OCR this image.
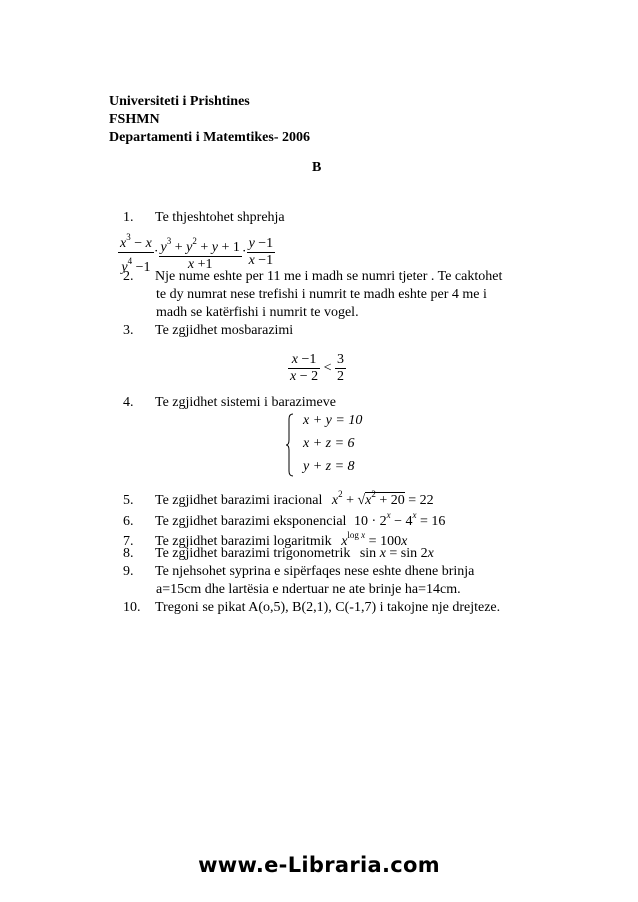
Universiteti i Prishtines
FSHMN
Departamenti i Matemtikes- 2006
B
1. Te thjeshtohet shprehja
$\frac{x^3 - x}{y^4 -1} \cdot \frac{y^3 + y^2 + y + 1}{x +1} \cdot \frac{y -1}{x -1}$
2. Nje nume eshte per 11 me i madh se numri tjeter . Te caktohet
te dy numrat nese trefishi i numrit te madh eshte per 4 me i
madh se katërfishi i numrit te vogel.
3. Te zgjidhet mosbarazimi
$\frac{x -1}{x - 2} < \frac{3}{2}$
4. Te zgjidhet sistemi i barazimeve
x + y = 10
x + z = 6
y + z = 8
5. Te zgjidhet barazimi iracional $x^2 + √x^2 + 20 = 22$
6. Te zgjidhet barazimi eksponencial $10 \cdot 2^x - 4^x = 16$
7. Te zgjidhet barazimi logaritmik $x^{log x} = 100x$
8. Te zgjidhet barazimi trigonometrik sin x = sin 2x
9. Te njehsohet syprina e sipërfaqes nese eshte dhene brinja
a=15cm dhe lartësia e ndertuar ne ate brinje ha=14cm.
10. Tregoni se pikat A(o,5), B(2,1), C(-1,7) i takojne nje drejteze.
www.e-Libraria.com
